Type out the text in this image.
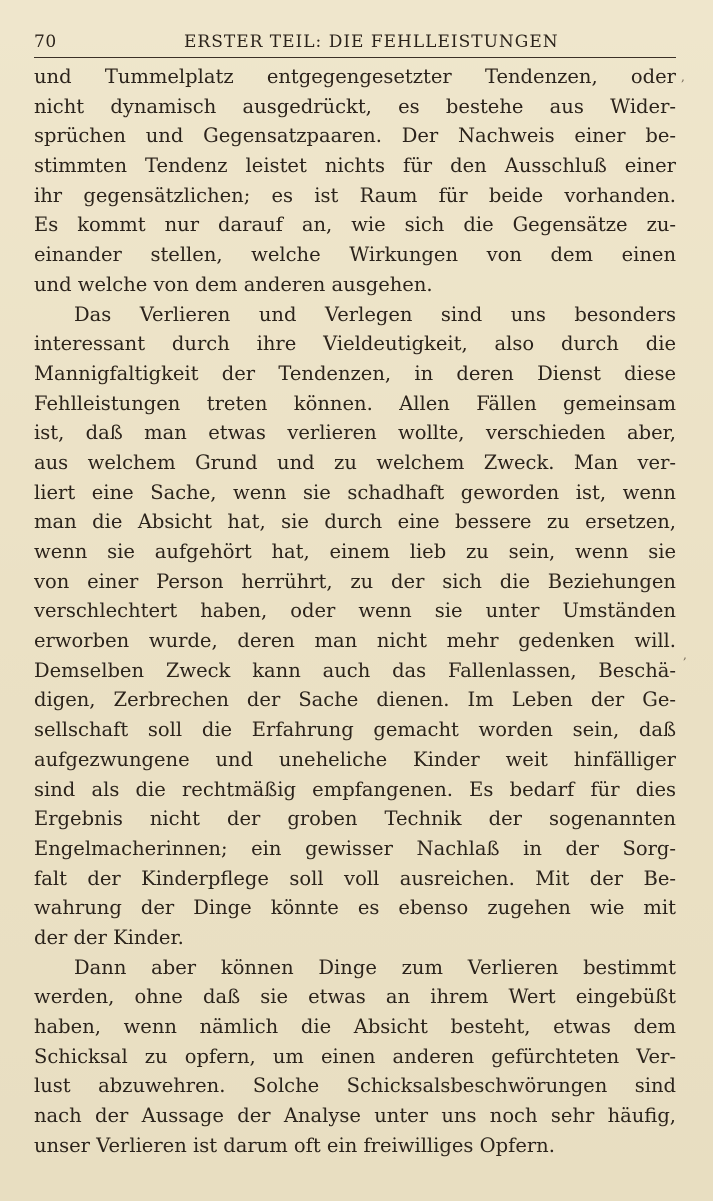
70	ERSTER TEIL: DIE FEHLLEISTUNGEN
und Tummelplatz entgegengesetzter Tendenzen, oder
nicht dynamisch ausgedrückt, es bestehe aus Wider-
sprüchen und Gegensatzpaaren. Der Nachweis einer be-
stimmten Tendenz leistet nichts für den Ausschluß einer
ihr gegensätzlichen; es ist Raum für beide vorhanden.
Es kommt nur darauf an, wie sich die Gegensätze zu-
einander stellen, welche Wirkungen von dem einen
und welche von dem anderen ausgehen.
Das Verlieren und Verlegen sind uns besonders
interessant durch ihre Vieldeutigkeit, also durch die
Mannigfaltigkeit der Tendenzen, in deren Dienst diese
Fehlleistungen treten können. Allen Fällen gemeinsam
ist, daß man etwas verlieren wollte, verschieden aber,
aus welchem Grund und zu welchem Zweck. Man ver-
liert eine Sache, wenn sie schadhaft geworden ist, wenn
man die Absicht hat, sie durch eine bessere zu ersetzen,
wenn sie aufgehört hat, einem lieb zu sein, wenn sie
von einer Person herrührt, zu der sich die Beziehungen
verschlechtert haben, oder wenn sie unter Umständen
erworben wurde, deren man nicht mehr gedenken will.
Demselben Zweck kann auch das Fallenlassen, Beschä-
digen, Zerbrechen der Sache dienen. Im Leben der Ge-
sellschaft soll die Erfahrung gemacht worden sein, daß
aufgezwungene und uneheliche Kinder weit hinfälliger
sind als die rechtmäßig empfangenen. Es bedarf für dies
Ergebnis nicht der groben Technik der sogenannten
Engelmacherinnen; ein gewisser Nachlaß in der Sorg-
falt der Kinderpflege soll voll ausreichen. Mit der Be-
wahrung der Dinge könnte es ebenso zugehen wie mit
der der Kinder.
Dann aber können Dinge zum Verlieren bestimmt
werden, ohne daß sie etwas an ihrem Wert eingebüßt
haben, wenn nämlich die Absicht besteht, etwas dem
Schicksal zu opfern, um einen anderen gefürchteten Ver-
lust abzuwehren. Solche Schicksalsbeschwörungen sind
nach der Aussage der Analyse unter uns noch sehr häufig,
unser Verlieren ist darum oft ein freiwilliges Opfern.
,
,
